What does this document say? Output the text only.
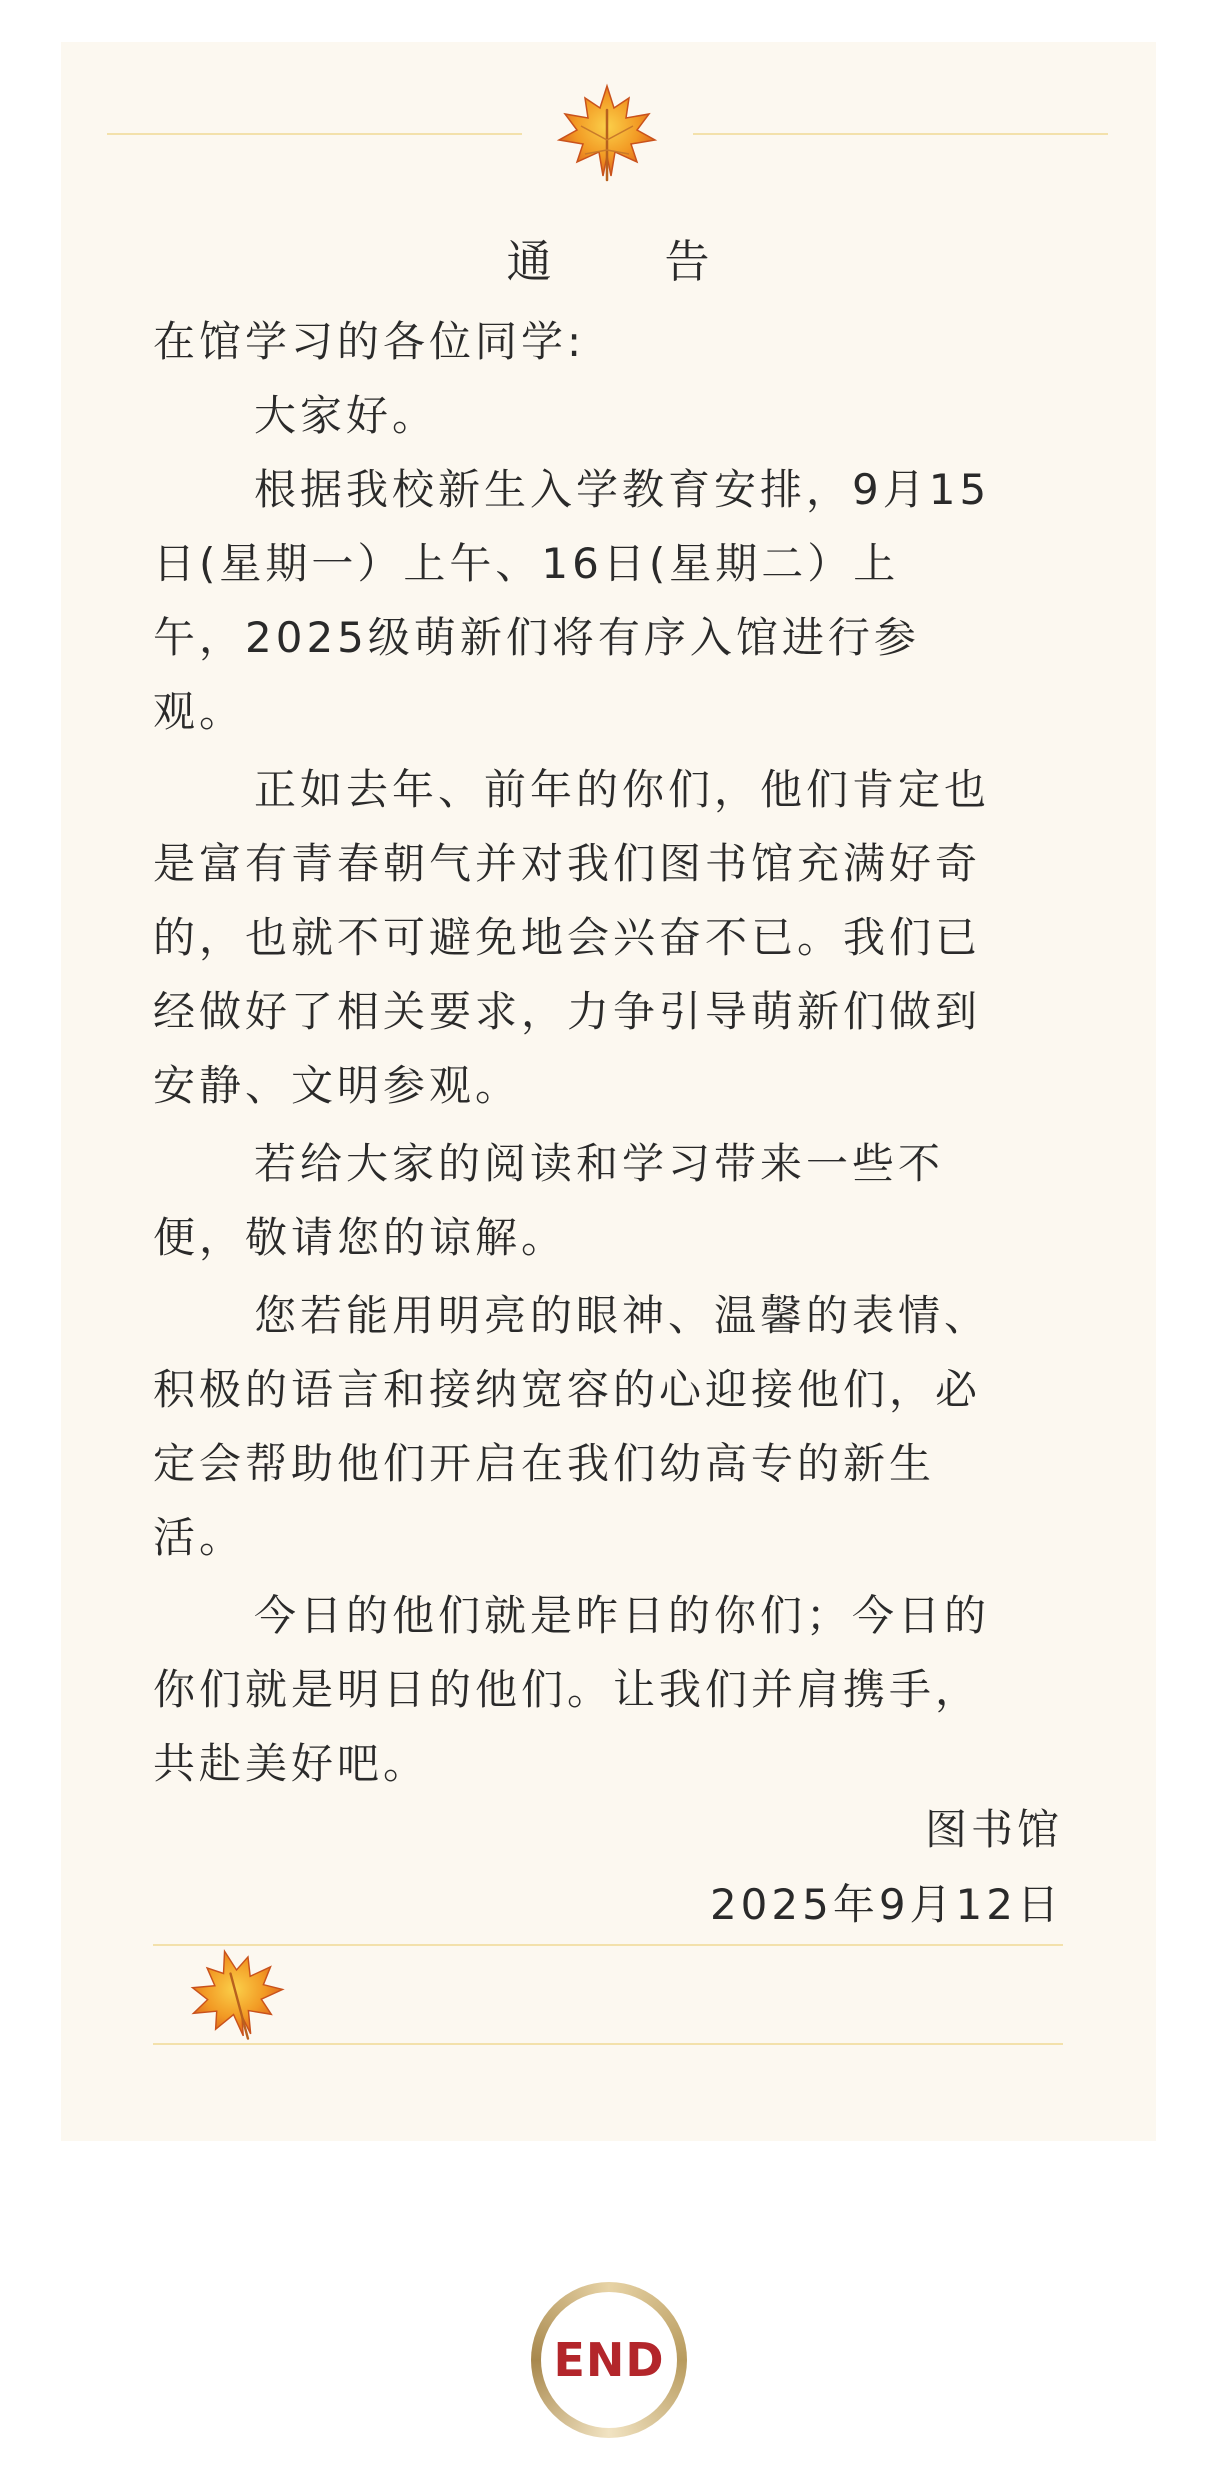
通　告

在馆学习的各位同学:

大家好。

根据我校新生入学教育安排，9月15

日(星期一）上午、16日(星期二）上

午，2025级萌新们将有序入馆进行参

观。

正如去年、前年的你们，他们肯定也

是富有青春朝气并对我们图书馆充满好奇

的，也就不可避免地会兴奋不已。我们已

经做好了相关要求，力争引导萌新们做到

安静、文明参观。

若给大家的阅读和学习带来一些不

便，敬请您的谅解。

您若能用明亮的眼神、温馨的表情、

积极的语言和接纳宽容的心迎接他们，必

定会帮助他们开启在我们幼高专的新生

活。

今日的他们就是昨日的你们；今日的

你们就是明日的他们。让我们并肩携手，

共赴美好吧。

图书馆
2025年9月12日
END
